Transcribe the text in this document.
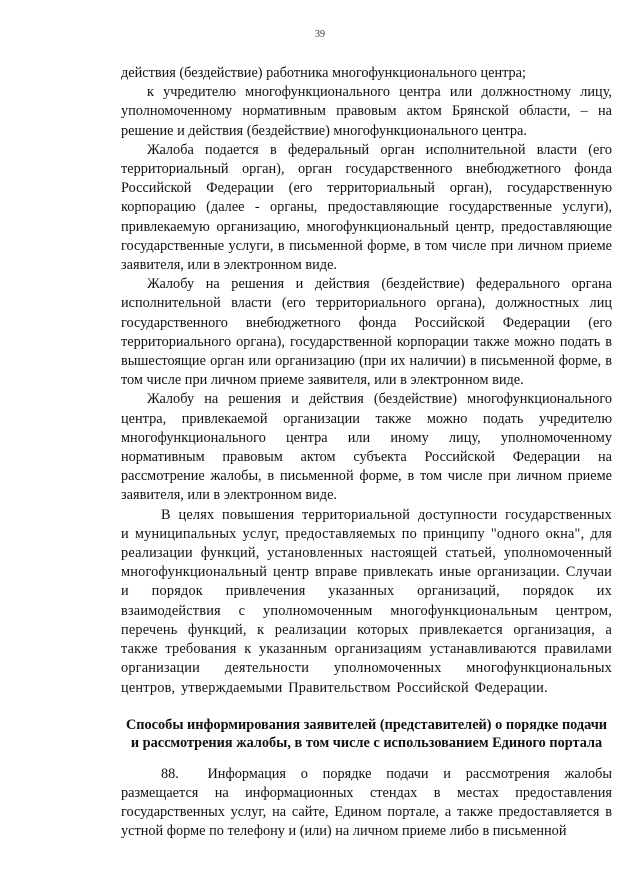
39

действия (бездействие) работника многофункционального центра;

к учредителю многофункционального центра или должностному лицу, уполномоченному нормативным правовым актом Брянской области, – на решение и действия (бездействие) многофункционального центра.

Жалоба подается в федеральный орган исполнительной власти (его территориальный орган), орган государственного внебюджетного фонда Российской Федерации (его территориальный орган), государственную корпорацию (далее - органы, предоставляющие государственные услуги), привлекаемую организацию, многофункциональный центр, предоставляющие государственные услуги, в письменной форме, в том числе при личном приеме заявителя, или в электронном виде.

Жалобу на решения и действия (бездействие) федерального органа исполнительной власти (его территориального органа), должностных лиц государственного внебюджетного фонда Российской Федерации (его территориального органа), государственной корпорации также можно подать в вышестоящие орган или организацию (при их наличии) в письменной форме, в том числе при личном приеме заявителя, или в электронном виде.

Жалобу на решения и действия (бездействие) многофункционального центра, привлекаемой организации также можно подать учредителю многофункционального центра или иному лицу, уполномоченному нормативным правовым актом субъекта Российской Федерации на рассмотрение жалобы, в письменной форме, в том числе при личном приеме заявителя, или в электронном виде.

В целях повышения территориальной доступности государственных и муниципальных услуг, предоставляемых по принципу "одного окна", для реализации функций, установленных настоящей статьей, уполномоченный многофункциональный центр вправе привлекать иные организации. Случаи и порядок привлечения указанных организаций, порядок их взаимодействия с уполномоченным многофункциональным центром, перечень функций, к реализации которых привлекается организация, а также требования к указанным организациям устанавливаются правилами организации деятельности уполномоченных многофункциональных центров, утверждаемыми Правительством Российской Федерации.

Способы информирования заявителей (представителей) о порядке подачи и рассмотрения жалобы, в том числе с использованием Единого портала

88.  Информация о порядке подачи и рассмотрения жалобы размещается на информационных стендах в местах предоставления государственных услуг, на сайте, Едином портале, а также предоставляется в устной форме по телефону и (или) на личном приеме либо в письменной
